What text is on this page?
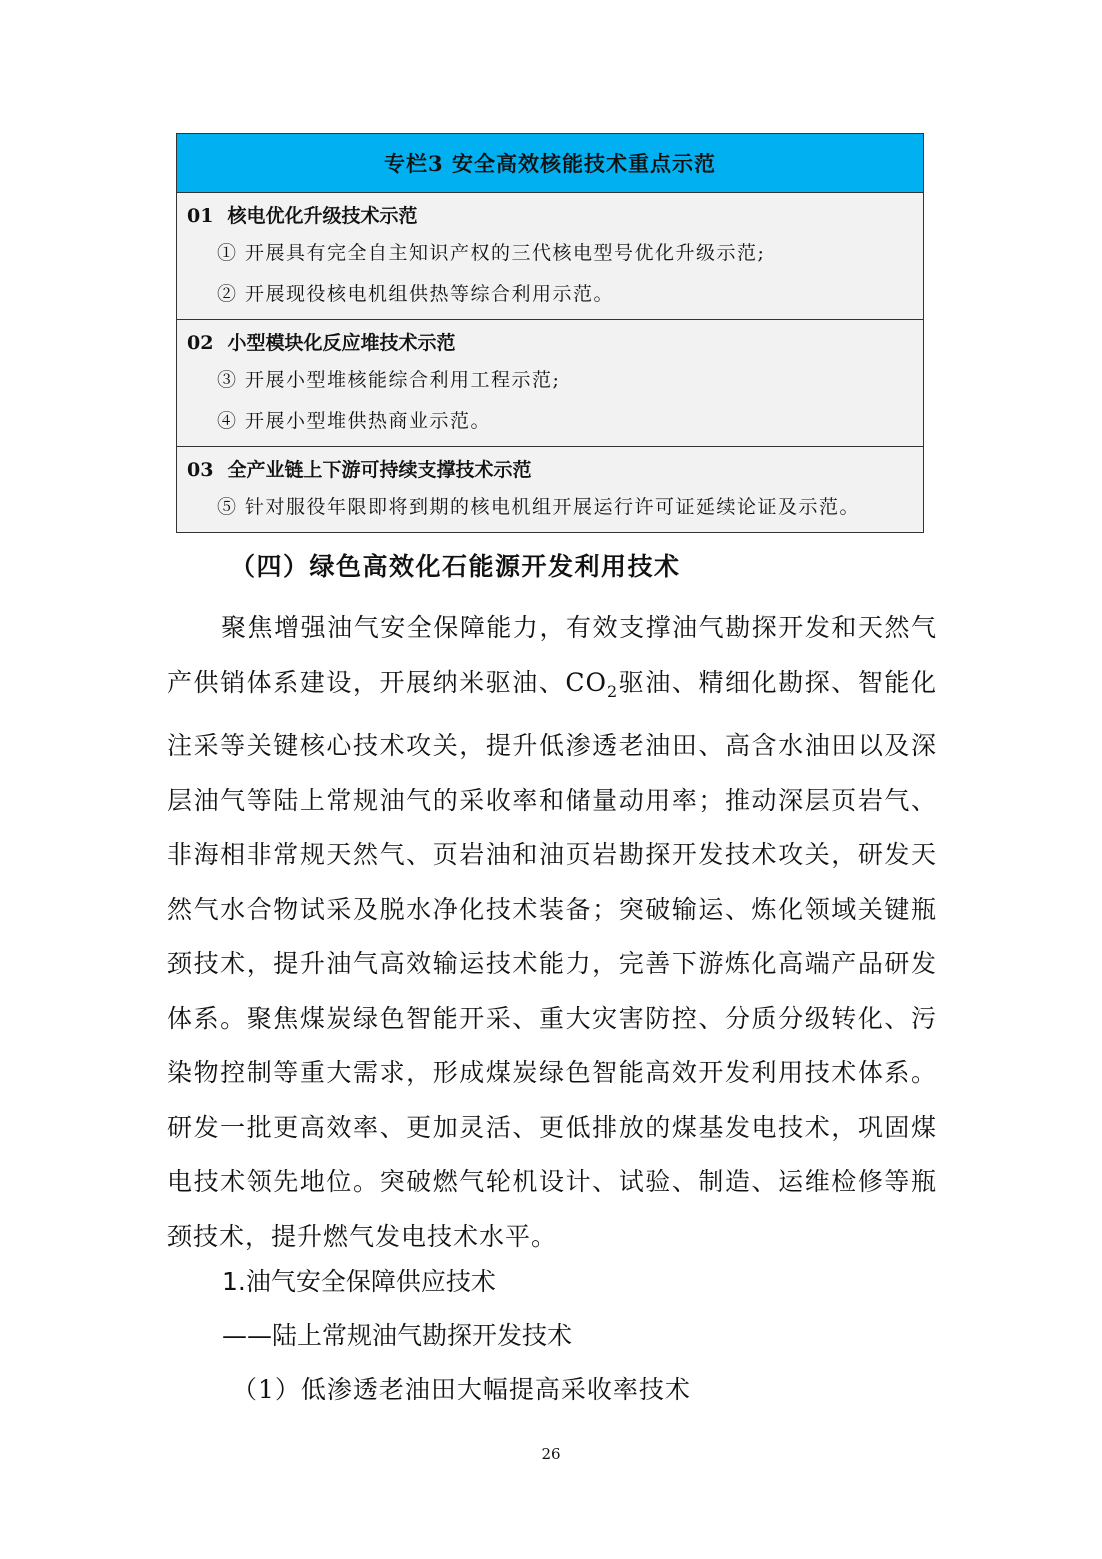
专栏3 安全高效核能技术重点示范
01 核电优化升级技术示范
① 开展具有完全自主知识产权的三代核电型号优化升级示范;
② 开展现役核电机组供热等综合利用示范。
02 小型模块化反应堆技术示范
③ 开展小型堆核能综合利用工程示范;
④ 开展小型堆供热商业示范。
03 全产业链上下游可持续支撑技术示范
⑤ 针对服役年限即将到期的核电机组开展运行许可证延续论证及示范。
（四）绿色高效化石能源开发利用技术
聚焦增强油气安全保障能力，有效支撑油气勘探开发和天然气产供销体系建设，开展纳米驱油、$CO_2$驱油、精细化勘探、智能化注采等关键核心技术攻关，提升低渗透老油田、高含水油田以及深层油气等陆上常规油气的采收率和储量动用率；推动深层页岩气、非海相非常规天然气、页岩油和油页岩勘探开发技术攻关，研发天然气水合物试采及脱水净化技术装备；突破输运、炼化领域关键瓶颈技术，提升油气高效输运技术能力，完善下游炼化高端产品研发体系。聚焦煤炭绿色智能开采、重大灾害防控、分质分级转化、污染物控制等重大需求，形成煤炭绿色智能高效开发利用技术体系。研发一批更高效率、更加灵活、更低排放的煤基发电技术，巩固煤电技术领先地位。突破燃气轮机设计、试验、制造、运维检修等瓶颈技术，提升燃气发电技术水平。
1.油气安全保障供应技术
——陆上常规油气勘探开发技术
（1）低渗透老油田大幅提高采收率技术
26
